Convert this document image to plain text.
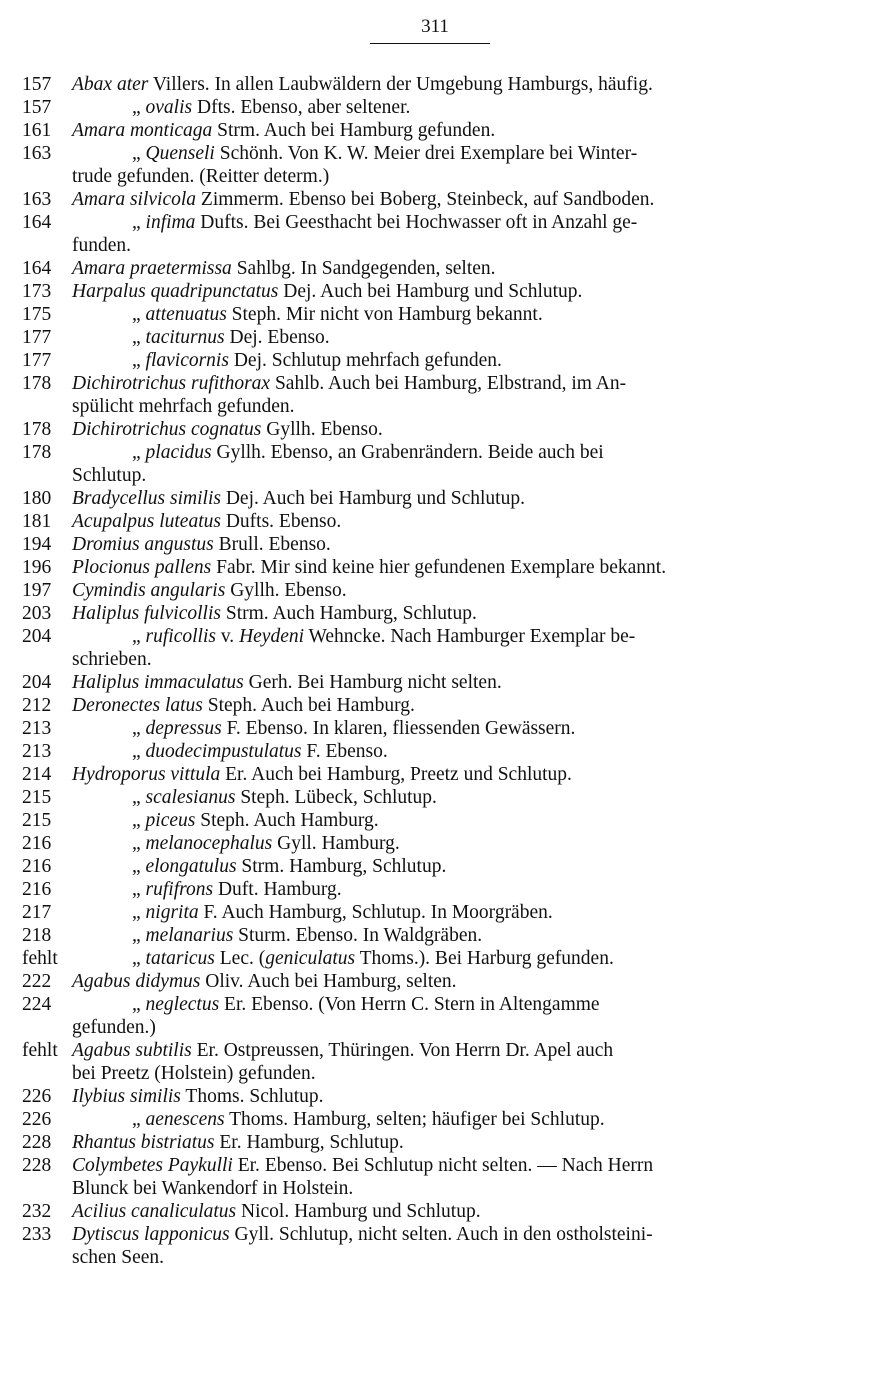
311
157	Abax ater Villers. In allen Laubwäldern der Umgebung Hamburgs, häufig.
157	„ ovalis Dfts. Ebenso, aber seltener.
161	Amara monticaga Strm. Auch bei Hamburg gefunden.
163	„ Quenseli Schönh. Von K. W. Meier drei Exemplare bei Winter-
trude gefunden. (Reitter determ.)
163	Amara silvicola Zimmerm. Ebenso bei Boberg, Steinbeck, auf Sandboden.
164	„ infima Dufts. Bei Geesthacht bei Hochwasser oft in Anzahl ge-
funden.
164	Amara praetermissa Sahlbg. In Sandgegenden, selten.
173	Harpalus quadripunctatus Dej. Auch bei Hamburg und Schlutup.
175	„ attenuatus Steph. Mir nicht von Hamburg bekannt.
177	„ taciturnus Dej. Ebenso.
177	„ flavicornis Dej. Schlutup mehrfach gefunden.
178	Dichirotrichus rufithorax Sahlb. Auch bei Hamburg, Elbstrand, im An-
spülicht mehrfach gefunden.
178	Dichirotrichus cognatus Gyllh. Ebenso.
178	„ placidus Gyllh. Ebenso, an Grabenrändern. Beide auch bei
Schlutup.
180	Bradycellus similis Dej. Auch bei Hamburg und Schlutup.
181	Acupalpus luteatus Dufts. Ebenso.
194	Dromius angustus Brull. Ebenso.
196	Plocionus pallens Fabr. Mir sind keine hier gefundenen Exemplare bekannt.
197	Cymindis angularis Gyllh. Ebenso.
203	Haliplus fulvicollis Strm. Auch Hamburg, Schlutup.
204	„ ruficollis v. Heydeni Wehncke. Nach Hamburger Exemplar be-
schrieben.
204	Haliplus immaculatus Gerh. Bei Hamburg nicht selten.
212	Deronectes latus Steph. Auch bei Hamburg.
213	„ depressus F. Ebenso. In klaren, fliessenden Gewässern.
213	„ duodecimpustulatus F. Ebenso.
214	Hydroporus vittula Er. Auch bei Hamburg, Preetz und Schlutup.
215	„ scalesianus Steph. Lübeck, Schlutup.
215	„ piceus Steph. Auch Hamburg.
216	„ melanocephalus Gyll. Hamburg.
216	„ elongatulus Strm. Hamburg, Schlutup.
216	„ rufifrons Duft. Hamburg.
217	„ nigrita F. Auch Hamburg, Schlutup. In Moorgräben.
218	„ melanarius Sturm. Ebenso. In Waldgräben.
fehlt	„ tataricus Lec. (geniculatus Thoms.). Bei Harburg gefunden.
222	Agabus didymus Oliv. Auch bei Hamburg, selten.
224	„ neglectus Er. Ebenso. (Von Herrn C. Stern in Altengamme
gefunden.)
fehlt Agabus subtilis Er. Ostpreussen, Thüringen. Von Herrn Dr. Apel auch
bei Preetz (Holstein) gefunden.
226	Ilybius similis Thoms. Schlutup.
226	„ aenescens Thoms. Hamburg, selten; häufiger bei Schlutup.
228	Rhantus bistriatus Er. Hamburg, Schlutup.
228	Colymbetes Paykulli Er. Ebenso. Bei Schlutup nicht selten. — Nach Herrn
Blunck bei Wankendorf in Holstein.
232	Acilius canaliculatus Nicol. Hamburg und Schlutup.
233	Dytiscus lapponicus Gyll. Schlutup, nicht selten. Auch in den ostholsteini-
schen Seen.
